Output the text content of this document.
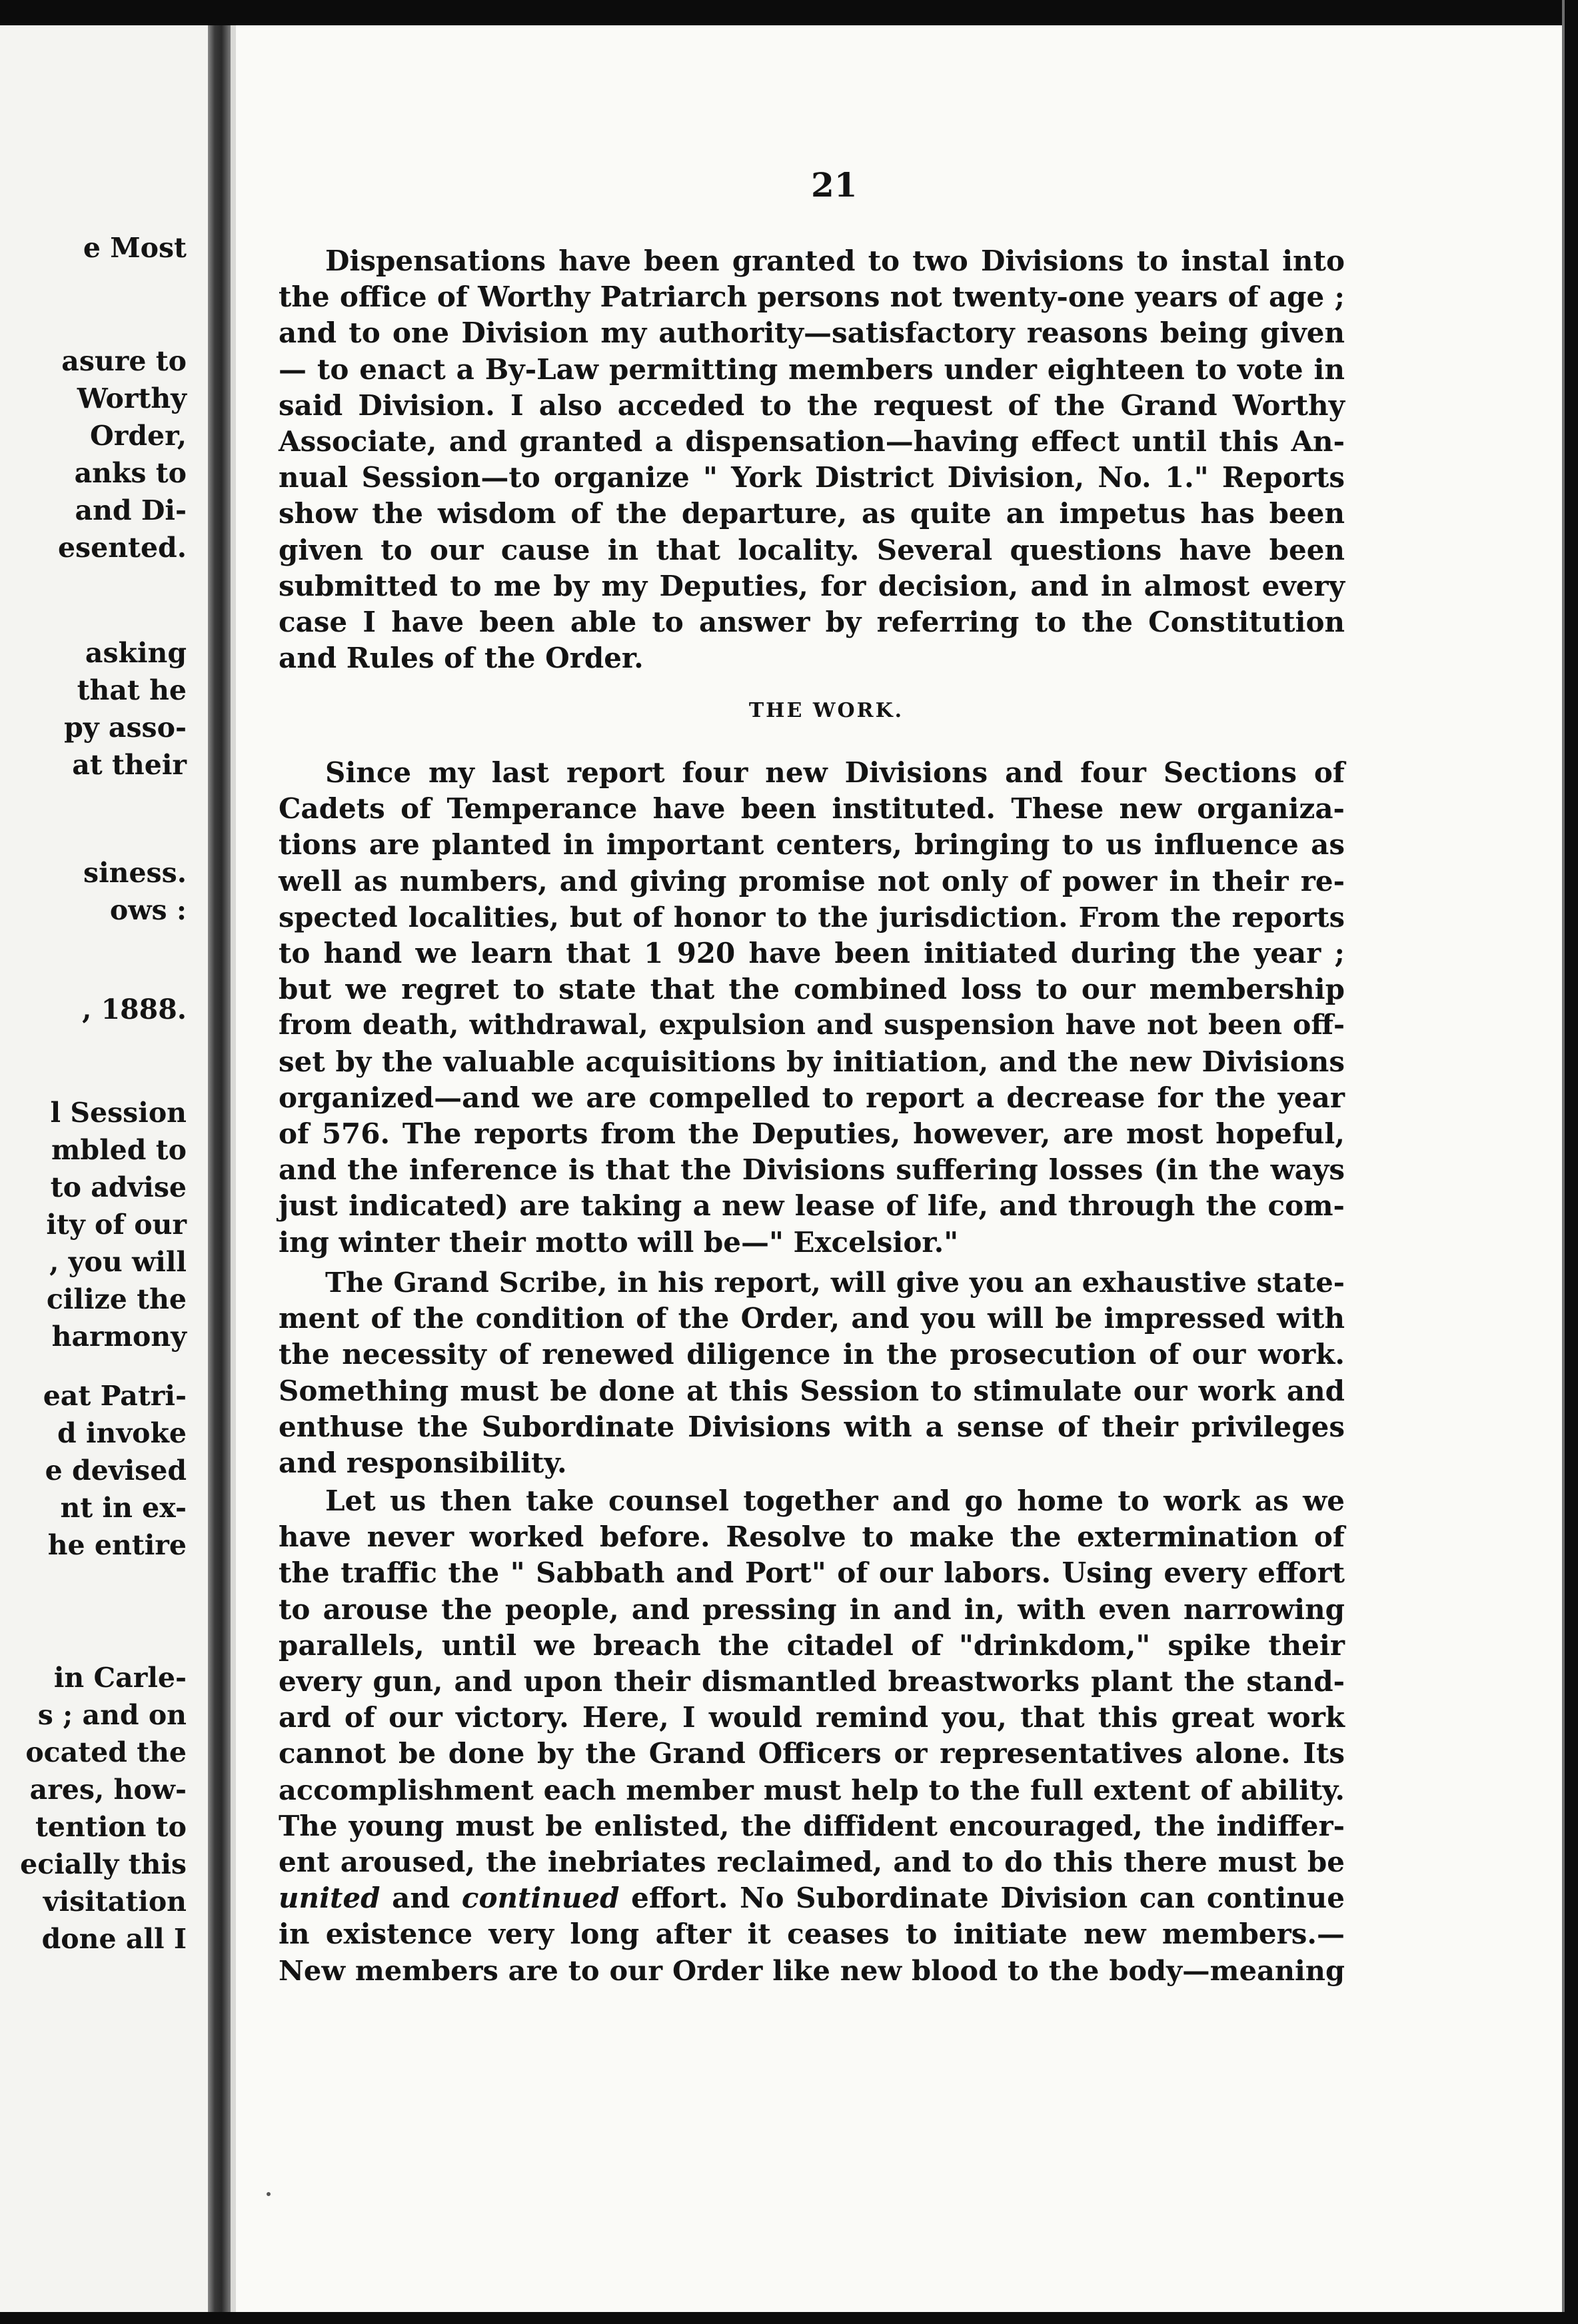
e Most
asure to
Worthy
Order,
anks to
and Di-
esented.
asking
that he
py asso-
at their
siness.
ows :
, 1888.
l Session
mbled to
to advise
ity of our
, you will
cilize the
harmony
eat Patri-
d invoke
e devised
nt in ex-
he entire
in Carle-
s ; and on
ocated the
ares, how-
tention to
ecially this
visitation
done all I
21
THE WORK.
Dispensations have been granted to two Divisions to instal into
the office of Worthy Patriarch persons not twenty-one years of age ;
and to one Division my authority—satisfactory reasons being given
— to enact a By-Law permitting members under eighteen to vote in
said Division. I also acceded to the request of the Grand Worthy
Associate, and granted a dispensation—having effect until this An-
nual Session—to organize " York District Division, No. 1." Reports
show the wisdom of the departure, as quite an impetus has been
given to our cause in that locality. Several questions have been
submitted to me by my Deputies, for decision, and in almost every
case I have been able to answer by referring to the Constitution
and Rules of the Order.
Since my last report four new Divisions and four Sections of
Cadets of Temperance have been instituted. These new organiza-
tions are planted in important centers, bringing to us influence as
well as numbers, and giving promise not only of power in their re-
spected localities, but of honor to the jurisdiction. From the reports
to hand we learn that 1 920 have been initiated during the year ;
but we regret to state that the combined loss to our membership
from death, withdrawal, expulsion and suspension have not been off-
set by the valuable acquisitions by initiation, and the new Divisions
organized—and we are compelled to report a decrease for the year
of 576. The reports from the Deputies, however, are most hopeful,
and the inference is that the Divisions suffering losses (in the ways
just indicated) are taking a new lease of life, and through the com-
ing winter their motto will be—" Excelsior."
The Grand Scribe, in his report, will give you an exhaustive state-
ment of the condition of the Order, and you will be impressed with
the necessity of renewed diligence in the prosecution of our work.
Something must be done at this Session to stimulate our work and
enthuse the Subordinate Divisions with a sense of their privileges
and responsibility.
Let us then take counsel together and go home to work as we
have never worked before. Resolve to make the extermination of
the traffic the " Sabbath and Port" of our labors. Using every effort
to arouse the people, and pressing in and in, with even narrowing
parallels, until we breach the citadel of "drinkdom," spike their
every gun, and upon their dismantled breastworks plant the stand-
ard of our victory. Here, I would remind you, that this great work
cannot be done by the Grand Officers or representatives alone. Its
accomplishment each member must help to the full extent of ability.
The young must be enlisted, the diffident encouraged, the indiffer-
ent aroused, the inebriates reclaimed, and to do this there must be
united and continued effort. No Subordinate Division can continue
in existence very long after it ceases to initiate new members.—
New members are to our Order like new blood to the body—meaning
